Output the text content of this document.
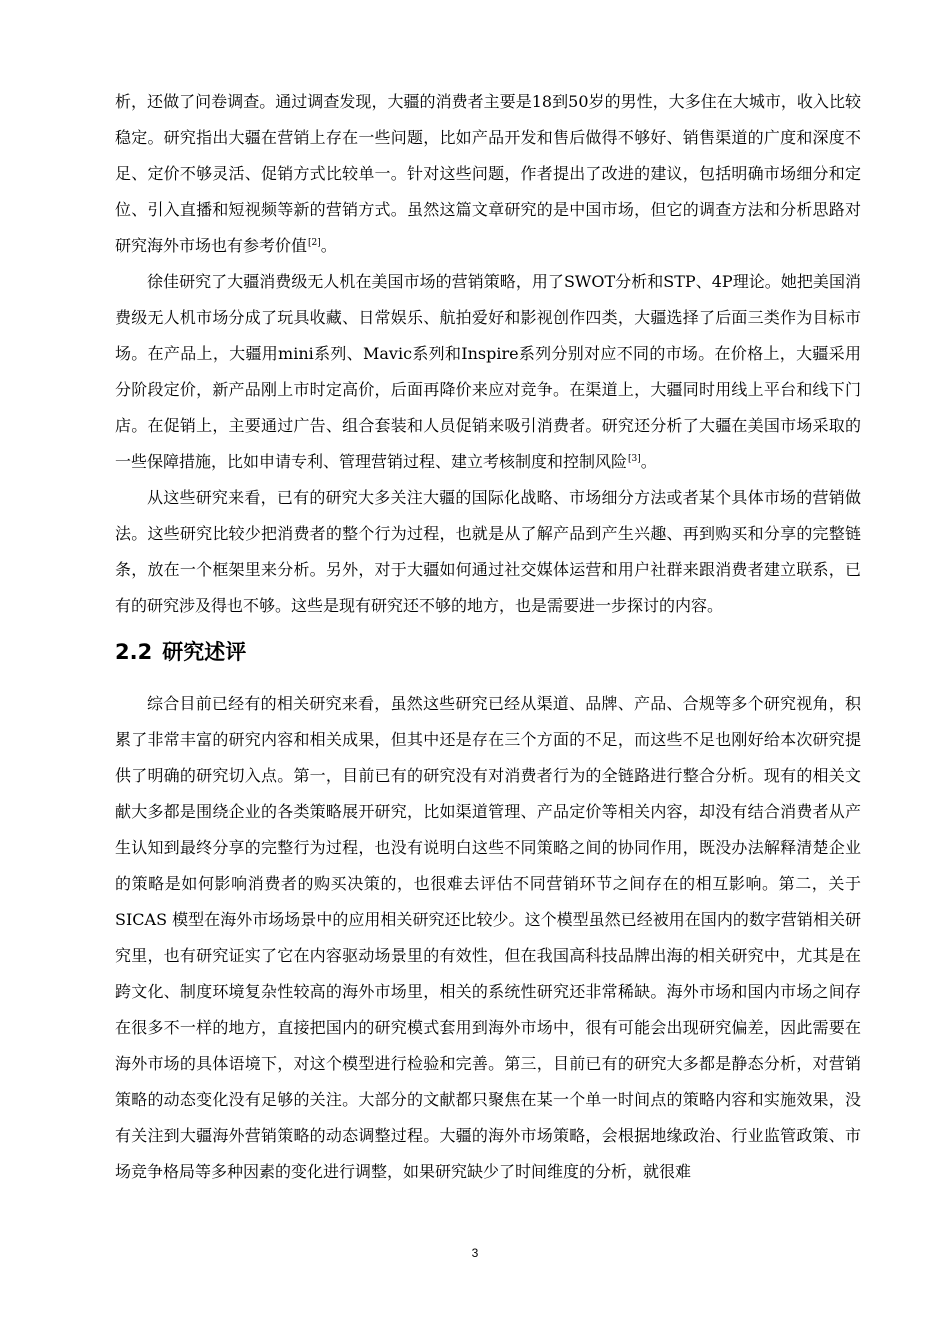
析，还做了问卷调查。通过调查发现，大疆的消费者主要是18到50岁的男性，大多住在大城市，收入比较稳定。研究指出大疆在营销上存在一些问题，比如产品开发和售后做得不够好、销售渠道的广度和深度不足、定价不够灵活、促销方式比较单一。针对这些问题，作者提出了改进的建议，包括明确市场细分和定位、引入直播和短视频等新的营销方式。虽然这篇文章研究的是中国市场，但它的调查方法和分析思路对研究海外市场也有参考价值[2]。

徐佳研究了大疆消费级无人机在美国市场的营销策略，用了SWOT分析和STP、4P理论。她把美国消费级无人机市场分成了玩具收藏、日常娱乐、航拍爱好和影视创作四类，大疆选择了后面三类作为目标市场。在产品上，大疆用mini系列、Mavic系列和Inspire系列分别对应不同的市场。在价格上，大疆采用分阶段定价，新产品刚上市时定高价，后面再降价来应对竞争。在渠道上，大疆同时用线上平台和线下门店。在促销上，主要通过广告、组合套装和人员促销来吸引消费者。研究还分析了大疆在美国市场采取的一些保障措施，比如申请专利、管理营销过程、建立考核制度和控制风险[3]。

从这些研究来看，已有的研究大多关注大疆的国际化战略、市场细分方法或者某个具体市场的营销做法。这些研究比较少把消费者的整个行为过程，也就是从了解产品到产生兴趣、再到购买和分享的完整链条，放在一个框架里来分析。另外，对于大疆如何通过社交媒体运营和用户社群来跟消费者建立联系，已有的研究涉及得也不够。这些是现有研究还不够的地方，也是需要进一步探讨的内容。

2.2 研究述评

综合目前已经有的相关研究来看，虽然这些研究已经从渠道、品牌、产品、合规等多个研究视角，积累了非常丰富的研究内容和相关成果，但其中还是存在三个方面的不足，而这些不足也刚好给本次研究提供了明确的研究切入点。第一，目前已有的研究没有对消费者行为的全链路进行整合分析。现有的相关文献大多都是围绕企业的各类策略展开研究，比如渠道管理、产品定价等相关内容，却没有结合消费者从产生认知到最终分享的完整行为过程，也没有说明白这些不同策略之间的协同作用，既没办法解释清楚企业的策略是如何影响消费者的购买决策的，也很难去评估不同营销环节之间存在的相互影响。第二，关于 SICAS 模型在海外市场场景中的应用相关研究还比较少。这个模型虽然已经被用在国内的数字营销相关研究里，也有研究证实了它在内容驱动场景里的有效性，但在我国高科技品牌出海的相关研究中，尤其是在跨文化、制度环境复杂性较高的海外市场里，相关的系统性研究还非常稀缺。海外市场和国内市场之间存在很多不一样的地方，直接把国内的研究模式套用到海外市场中，很有可能会出现研究偏差，因此需要在海外市场的具体语境下，对这个模型进行检验和完善。第三，目前已有的研究大多都是静态分析，对营销策略的动态变化没有足够的关注。大部分的文献都只聚焦在某一个单一时间点的策略内容和实施效果，没有关注到大疆海外营销策略的动态调整过程。大疆的海外市场策略，会根据地缘政治、行业监管政策、市场竞争格局等多种因素的变化进行调整，如果研究缺少了时间维度的分析，就很难

3
